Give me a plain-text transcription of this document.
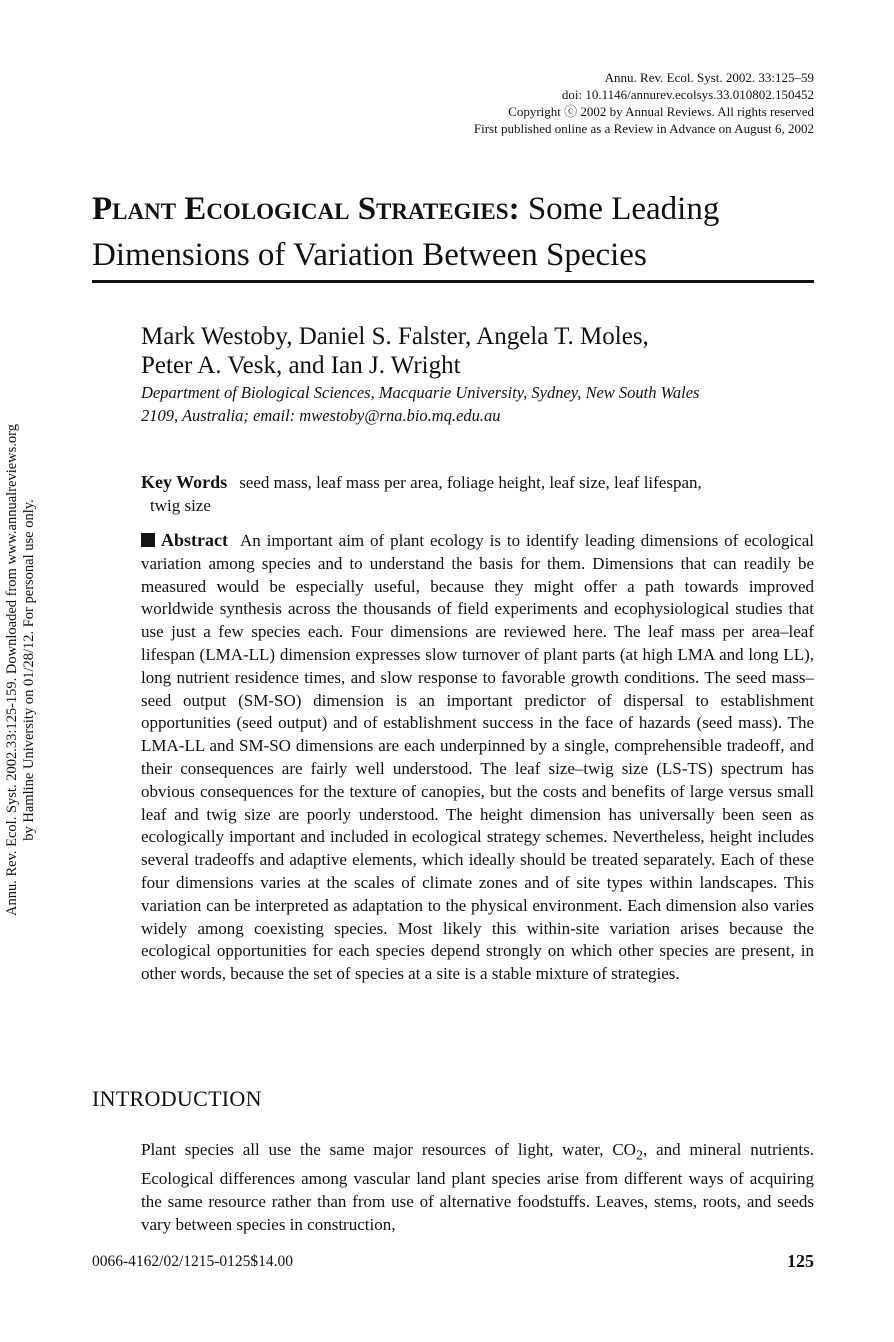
Annu. Rev. Ecol. Syst. 2002.33:125-159. Downloaded from www.annualreviews.org by Hamline University on 01/28/12. For personal use only.
Annu. Rev. Ecol. Syst. 2002. 33:125–59
doi: 10.1146/annurev.ecolsys.33.010802.150452
Copyright ⓒ 2002 by Annual Reviews. All rights reserved
First published online as a Review in Advance on August 6, 2002
Plant Ecological Strategies: Some Leading Dimensions of Variation Between Species
Mark Westoby, Daniel S. Falster, Angela T. Moles,
Peter A. Vesk, and Ian J. Wright
Department of Biological Sciences, Macquarie University, Sydney, New South Wales
2109, Australia; email: mwestoby@rna.bio.mq.edu.au
Key Words seed mass, leaf mass per area, foliage height, leaf size, leaf lifespan,
twig size
Abstract An important aim of plant ecology is to identify leading dimensions of ecological variation among species and to understand the basis for them. Dimensions that can readily be measured would be especially useful, because they might offer a path towards improved worldwide synthesis across the thousands of field experiments and ecophysiological studies that use just a few species each. Four dimensions are reviewed here. The leaf mass per area–leaf lifespan (LMA-LL) dimension expresses slow turnover of plant parts (at high LMA and long LL), long nutrient residence times, and slow response to favorable growth conditions. The seed mass–seed output (SM-SO) dimension is an important predictor of dispersal to establishment opportunities (seed output) and of establishment success in the face of hazards (seed mass). The LMA-LL and SM-SO dimensions are each underpinned by a single, comprehensible tradeoff, and their consequences are fairly well understood. The leaf size–twig size (LS-TS) spectrum has obvious consequences for the texture of canopies, but the costs and benefits of large versus small leaf and twig size are poorly understood. The height dimension has universally been seen as ecologically important and included in ecological strategy schemes. Nevertheless, height includes several tradeoffs and adaptive elements, which ideally should be treated separately. Each of these four dimensions varies at the scales of climate zones and of site types within landscapes. This variation can be interpreted as adaptation to the physical environment. Each dimension also varies widely among coexisting species. Most likely this within-site variation arises because the ecological opportunities for each species depend strongly on which other species are present, in other words, because the set of species at a site is a stable mixture of strategies.
INTRODUCTION
Plant species all use the same major resources of light, water, $CO_2$, and mineral nutrients. Ecological differences among vascular land plant species arise from different ways of acquiring the same resource rather than from use of alternative foodstuffs. Leaves, stems, roots, and seeds vary between species in construction,
0066-4162/02/1215-0125$14.00	125
